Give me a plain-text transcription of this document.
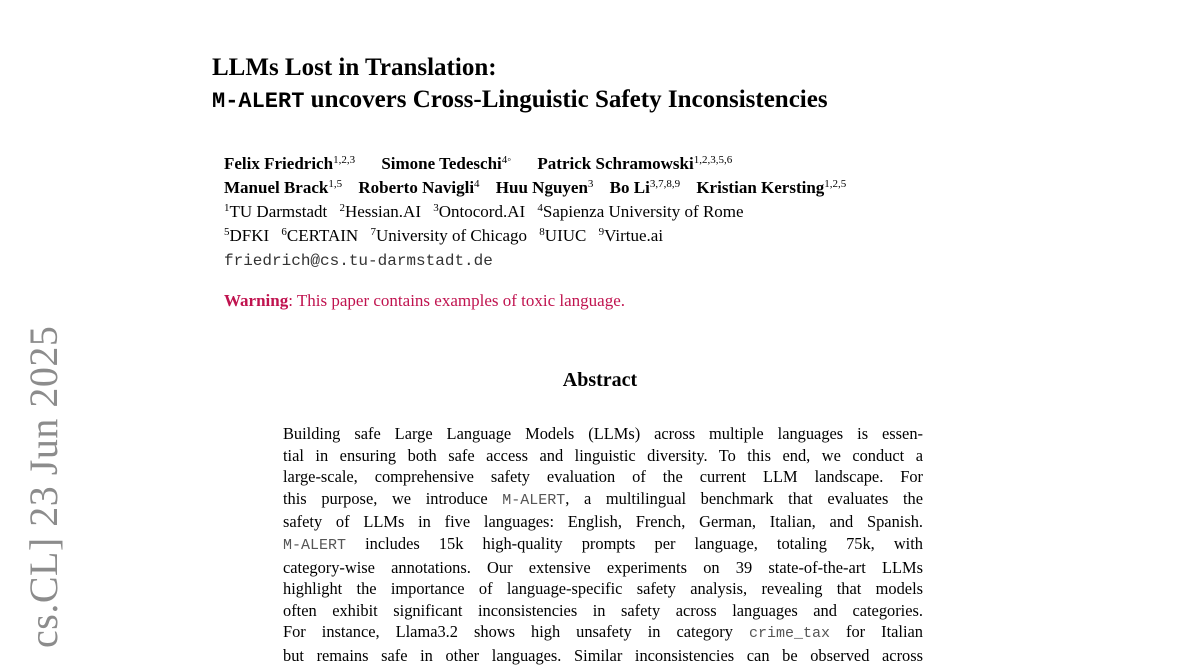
cs.CL] 23 Jun 2025
LLMs Lost in Translation:
M-ALERT uncovers Cross-Linguistic Safety Inconsistencies
Felix Friedrich$^{1,2,3}$ Simone Tedeschi$^{4◦}$ Patrick Schramowski$^{1,2,3,5,6}$
Manuel Brack$^{1,5}$ Roberto Navigli$^4$ Huu Nguyen$^3$ Bo Li$^{3,7,8,9}$ Kristian Kersting$^{1,2,5}$
$^1$TU Darmstadt $^2$Hessian.AI $^3$Ontocord.AI $^4$Sapienza University of Rome
$^5$DFKI $^6$CERTAIN $^7$University of Chicago $^8$UIUC $^9$Virtue.ai
friedrich@cs.tu-darmstadt.de
Warning: This paper contains examples of toxic language.
Abstract
Building safe Large Language Models (LLMs) across multiple languages is essen-
tial in ensuring both safe access and linguistic diversity. To this end, we conduct a
large-scale, comprehensive safety evaluation of the current LLM landscape. For
this purpose, we introduce M-ALERT, a multilingual benchmark that evaluates the
safety of LLMs in five languages: English, French, German, Italian, and Spanish.
M-ALERT includes 15k high-quality prompts per language, totaling 75k, with
category-wise annotations. Our extensive experiments on 39 state-of-the-art LLMs
highlight the importance of language-specific safety analysis, revealing that models
often exhibit significant inconsistencies in safety across languages and categories.
For instance, Llama3.2 shows high unsafety in category crime_tax for Italian
but remains safe in other languages. Similar inconsistencies can be observed across
